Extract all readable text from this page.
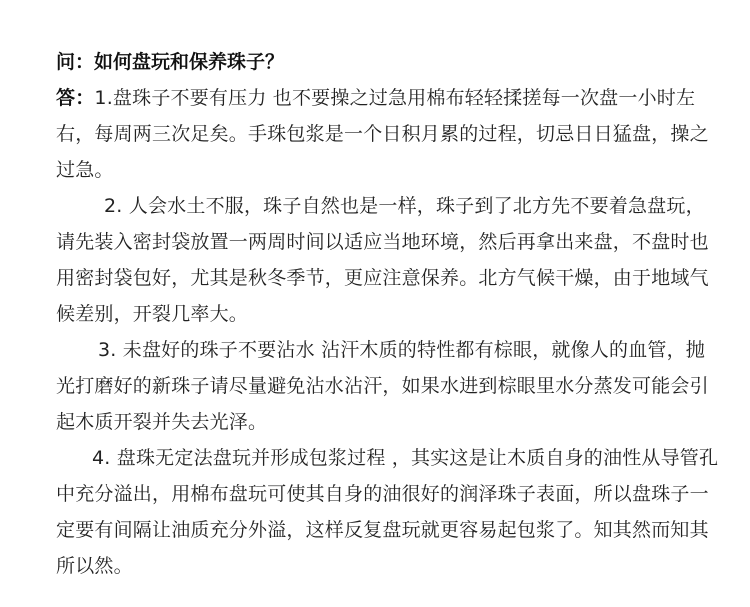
问：如何盘玩和保养珠子？

答：1.盘珠子不要有压力 也不要操之过急用棉布轻轻揉搓每一次盘一小时左右，每周两三次足矣。手珠包浆是一个日积月累的过程，切忌日日猛盘，操之过急。

2. 人会水土不服，珠子自然也是一样，珠子到了北方先不要着急盘玩，请先装入密封袋放置一两周时间以适应当地环境，然后再拿出来盘，不盘时也用密封袋包好，尤其是秋冬季节，更应注意保养。北方气候干燥，由于地域气候差别，开裂几率大。

3. 未盘好的珠子不要沾水 沾汗木质的特性都有棕眼，就像人的血管，抛光打磨好的新珠子请尽量避免沾水沾汗，如果水进到棕眼里水分蒸发可能会引起木质开裂并失去光泽。

4. 盘珠无定法盘玩并形成包浆过程 ，其实这是让木质自身的油性从导管孔中充分溢出，用棉布盘玩可使其自身的油很好的润泽珠子表面，所以盘珠子一定要有间隔让油质充分外溢，这样反复盘玩就更容易起包浆了。知其然而知其所以然。
